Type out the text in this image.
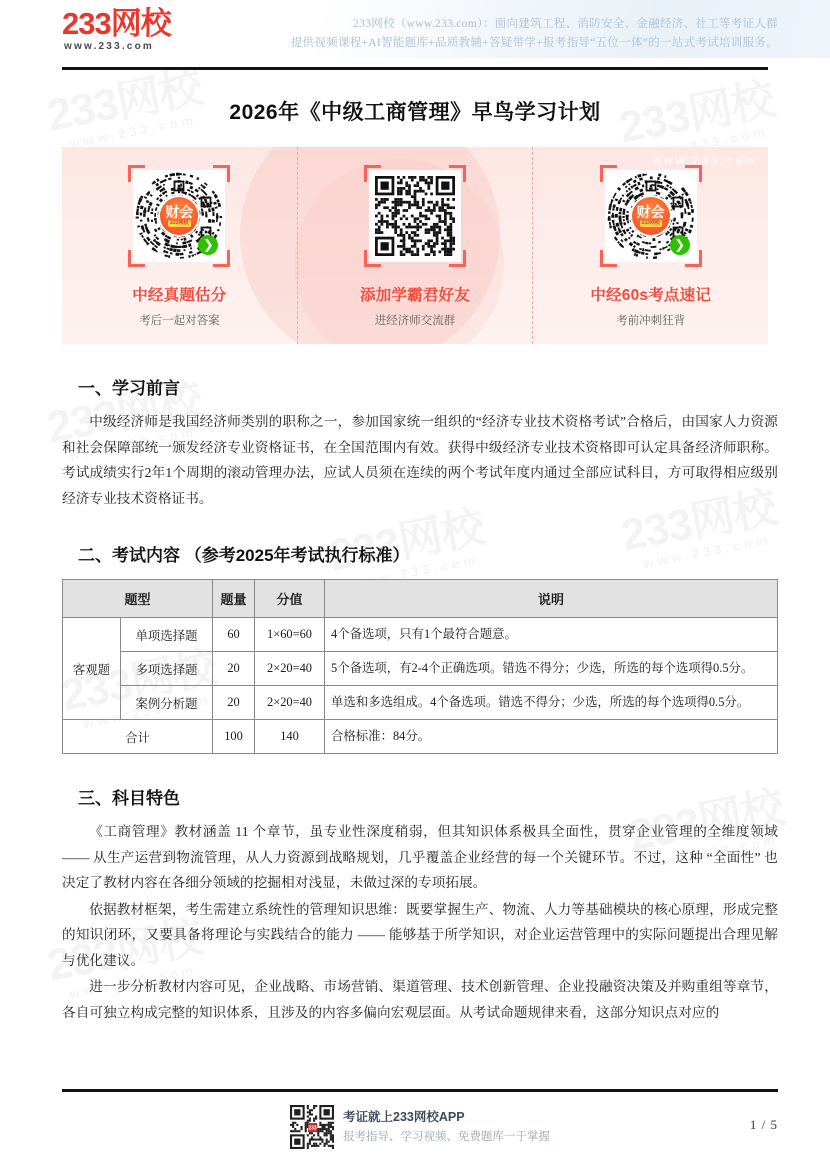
233网校
www.233.com
233网校（www.233.com）：面向建筑工程、消防安全、金融经济、社工等考证人群
提供视频课程+AI智能题库+品质教辅+答疑带学+报考指导“五位一体”的一站式考试培训服务。
2026年《中级工商管理》早鸟学习计划
www.233.com
财会
233网校
❯
中经真题估分
考后一起对答案
添加学霸君好友
进经济师交流群
财会
233网校
❯
中经60s考点速记
考前冲刺狂背
一、学习前言

中级经济师是我国经济师类别的职称之一，参加国家统一组织的“经济专业技术资格考试”合格后，由国家人力资源和社会保障部统一颁发经济专业资格证书，在全国范围内有效。获得中级经济专业技术资格即可认定具备经济师职称。考试成绩实行2年1个周期的滚动管理办法，应试人员须在连续的两个考试年度内通过全部应试科目，方可取得相应级别经济专业技术资格证书。

二、考试内容 （参考2025年考试执行标准）
题型		题量	分值	说明
客观题	单项选择题	60	1×60=60	4个备选项，只有1个最符合题意。
	多项选择题	20	2×20=40	5个备选项，有2-4个正确选项。错选不得分；少选，所选的每个选项得0.5分。
	案例分析题	20	2×20=40	单选和多选组成。4个备选项。错选不得分；少选，所选的每个选项得0.5分。
合计		100	140	合格标准：84分。
三、科目特色

《工商管理》教材涵盖 11 个章节，虽专业性深度稍弱，但其知识体系极具全面性，贯穿企业管理的全维度领域 —— 从生产运营到物流管理，从人力资源到战略规划，几乎覆盖企业经营的每一个关键环节。不过，这种 “全面性” 也决定了教材内容在各细分领域的挖掘相对浅显，未做过深的专项拓展。

依据教材框架，考生需建立系统性的管理知识思维：既要掌握生产、物流、人力等基础模块的核心原理，形成完整的知识闭环，又要具备将理论与实践结合的能力 —— 能够基于所学知识，对企业运营管理中的实际问题提出合理见解与优化建议。

进一步分析教材内容可见，企业战略、市场营销、渠道管理、技术创新管理、企业投融资决策及并购重组等章节，各自可独立构成完整的知识体系，且涉及的内容多偏向宏观层面。从考试命题规律来看，这部分知识点对应的

233
考证就上233网校APP
报考指导、学习视频、免费题库一于掌握
1 / 5
